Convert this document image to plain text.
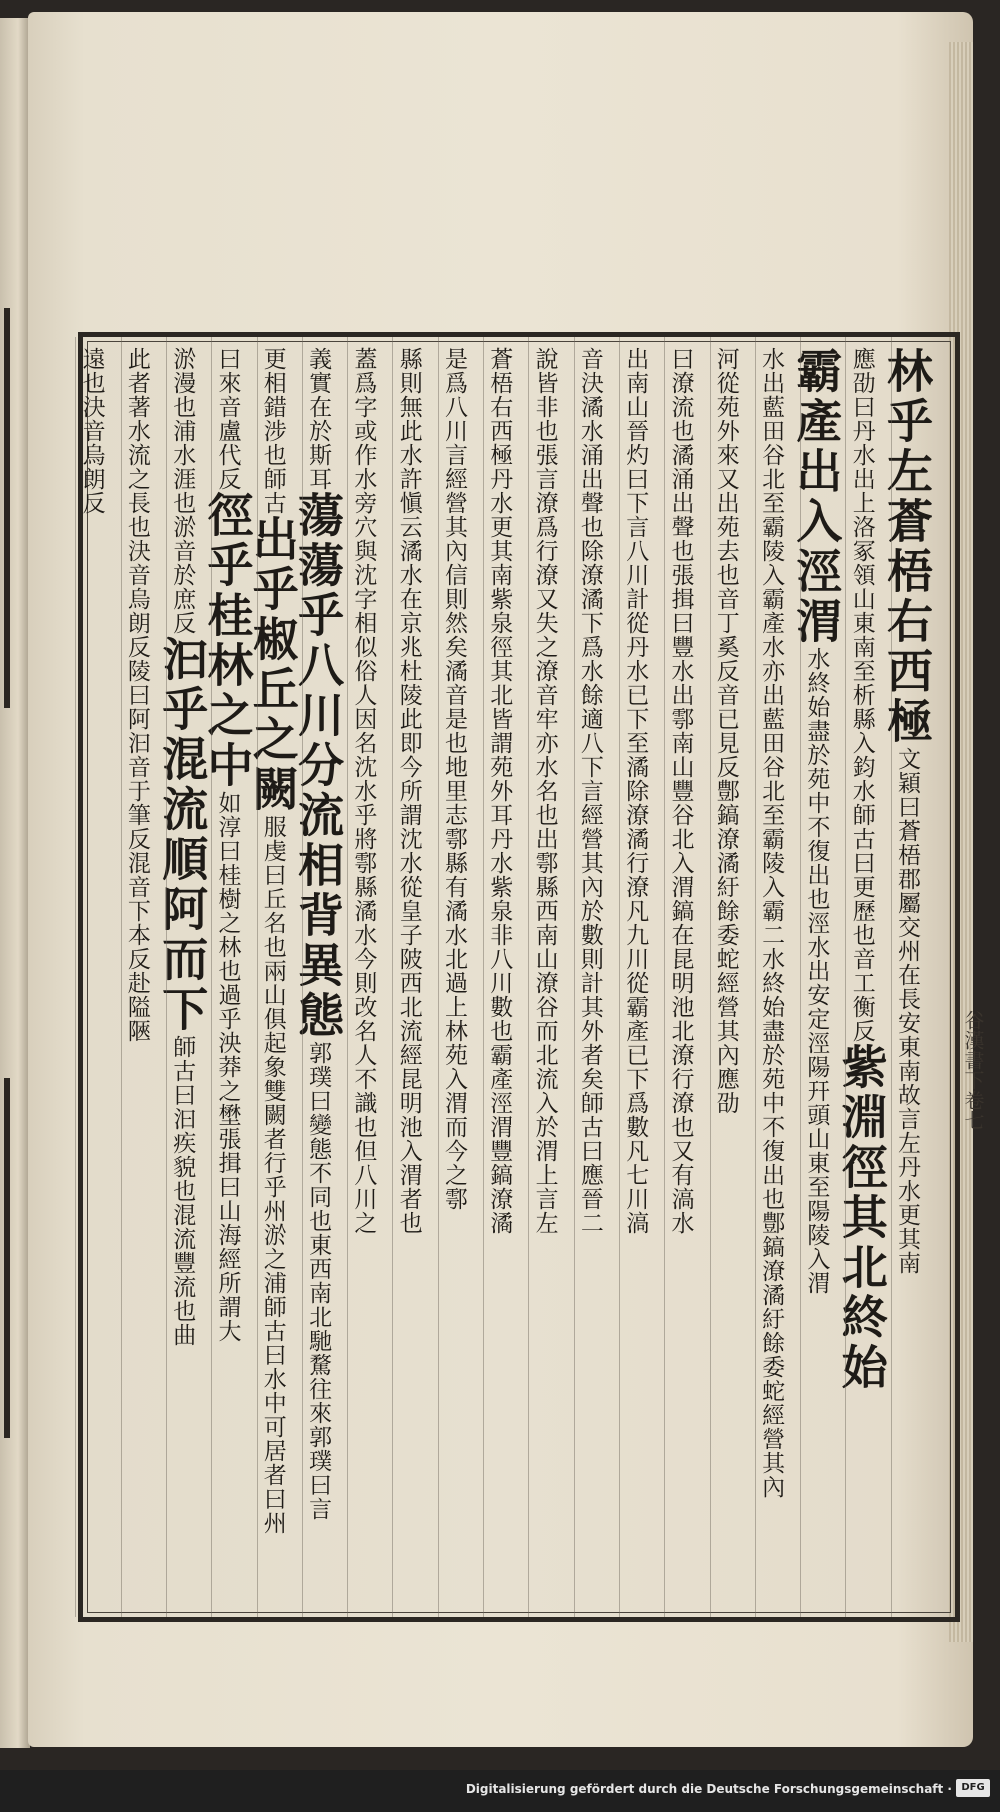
林乎左蒼梧右西極文穎曰蒼梧郡屬交州在長安東南故言左丹水更其南
應劭曰丹水出上洛冢領山東南至析縣入鈞水師古曰更歷也音工衡反紫淵徑其北終始
霸產出入涇渭水終始盡於苑中不復出也涇水出安定涇陽幵頭山東至陽陵入渭
水出藍田谷北至霸陵入霸產水亦出藍田谷北至霸陵入霸二水終始盡於苑中不復出也鄷鎬潦潏紆餘委蛇經營其內
河從苑外來又出苑去也音丁奚反音已見反鄷鎬潦潏紆餘委蛇經營其內應劭
曰潦流也潏涌出聲也張揖曰豐水出鄠南山豐谷北入渭鎬在昆明池北潦行潦也又有滈水
出南山晉灼曰下言八川計從丹水已下至潏除潦潏行潦凡九川從霸產已下爲數凡七川滈
音決潏水涌出聲也除潦潏下爲水餘適八下言經營其內於數則計其外者矣師古曰應晉二
說皆非也張言潦爲行潦又失之潦音牢亦水名也出鄠縣西南山潦谷而北流入於渭上言左
蒼梧右西極丹水更其南紫泉徑其北皆謂苑外耳丹水紫泉非八川數也霸產涇渭豐鎬潦潏
是爲八川言經營其內信則然矣潏音是也地里志鄠縣有潏水北過上林苑入渭而今之鄠
縣則無此水許愼云潏水在京兆杜陵此即今所謂沈水從皇子陂西北流經昆明池入渭者也
蓋爲字或作水旁穴與沈字相似俗人因名沈水乎將鄠縣潏水今則改名人不識也但八川之
義實在於斯耳蕩蕩乎八川分流相背異態郭璞曰變態不同也東西南北馳騖往來郭璞曰言
更相錯涉也師古出乎椒丘之闕服虔曰丘名也兩山俱起象雙闕者行乎州淤之浦師古曰水中可居者曰州
曰來音盧代反徑乎桂林之中如淳曰桂樹之林也過乎泱莽之壄張揖曰山海經所謂大
淤漫也浦水涯也淤音於庶反汩乎混流順阿而下師古曰汩疾貌也混流豐流也曲
此者著水流之長也決音烏朗反陵曰阿汩音于筆反混音下本反赴隘陿
遠也決音烏朗反
谷漢書下卷七
Digitalisierung gefördert durch die Deutsche Forschungsgemeinschaft · DFG
